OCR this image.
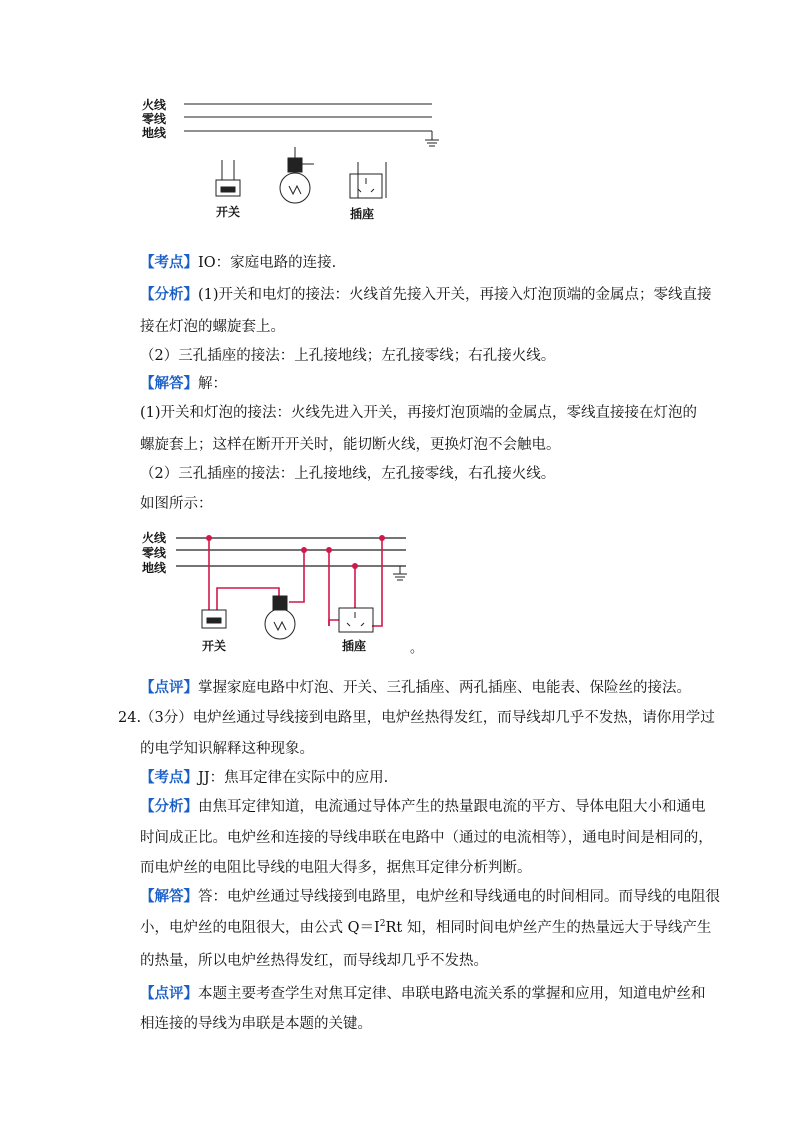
火线
零线
地线
开关	插座
【考点】IO：家庭电路的连接.
【分析】(1)开关和电灯的接法：火线首先接入开关，再接入灯泡顶端的金属点；零线直接
接在灯泡的螺旋套上。
（2）三孔插座的接法：上孔接地线；左孔接零线；右孔接火线。
【解答】解：
(1)开关和灯泡的接法：火线先进入开关，再接灯泡顶端的金属点，零线直接接在灯泡的
螺旋套上；这样在断开开关时，能切断火线，更换灯泡不会触电。
（2）三孔插座的接法：上孔接地线，左孔接零线，右孔接火线。
如图所示：
火线
零线
地线
开关	插座	。
【点评】掌握家庭电路中灯泡、开关、三孔插座、两孔插座、电能表、保险丝的接法。
24.
（3分）电炉丝通过导线接到电路里，电炉丝热得发红，而导线却几乎不发热，请你用学过
的电学知识解释这种现象。
【考点】JJ：焦耳定律在实际中的应用.
【分析】由焦耳定律知道，电流通过导体产生的热量跟电流的平方、导体电阻大小和通电
时间成正比。电炉丝和连接的导线串联在电路中（通过的电流相等），通电时间是相同的，
而电炉丝的电阻比导线的电阻大得多，据焦耳定律分析判断。
【解答】答：电炉丝通过导线接到电路里，电炉丝和导线通电的时间相同。而导线的电阻很
小，电炉丝的电阻很大，由公式 $Q=I^2Rt$ 知，相同时间电炉丝产生的热量远大于导线产生
的热量，所以电炉丝热得发红，而导线却几乎不发热。
【点评】本题主要考查学生对焦耳定律、串联电路电流关系的掌握和应用，知道电炉丝和
相连接的导线为串联是本题的关键。
